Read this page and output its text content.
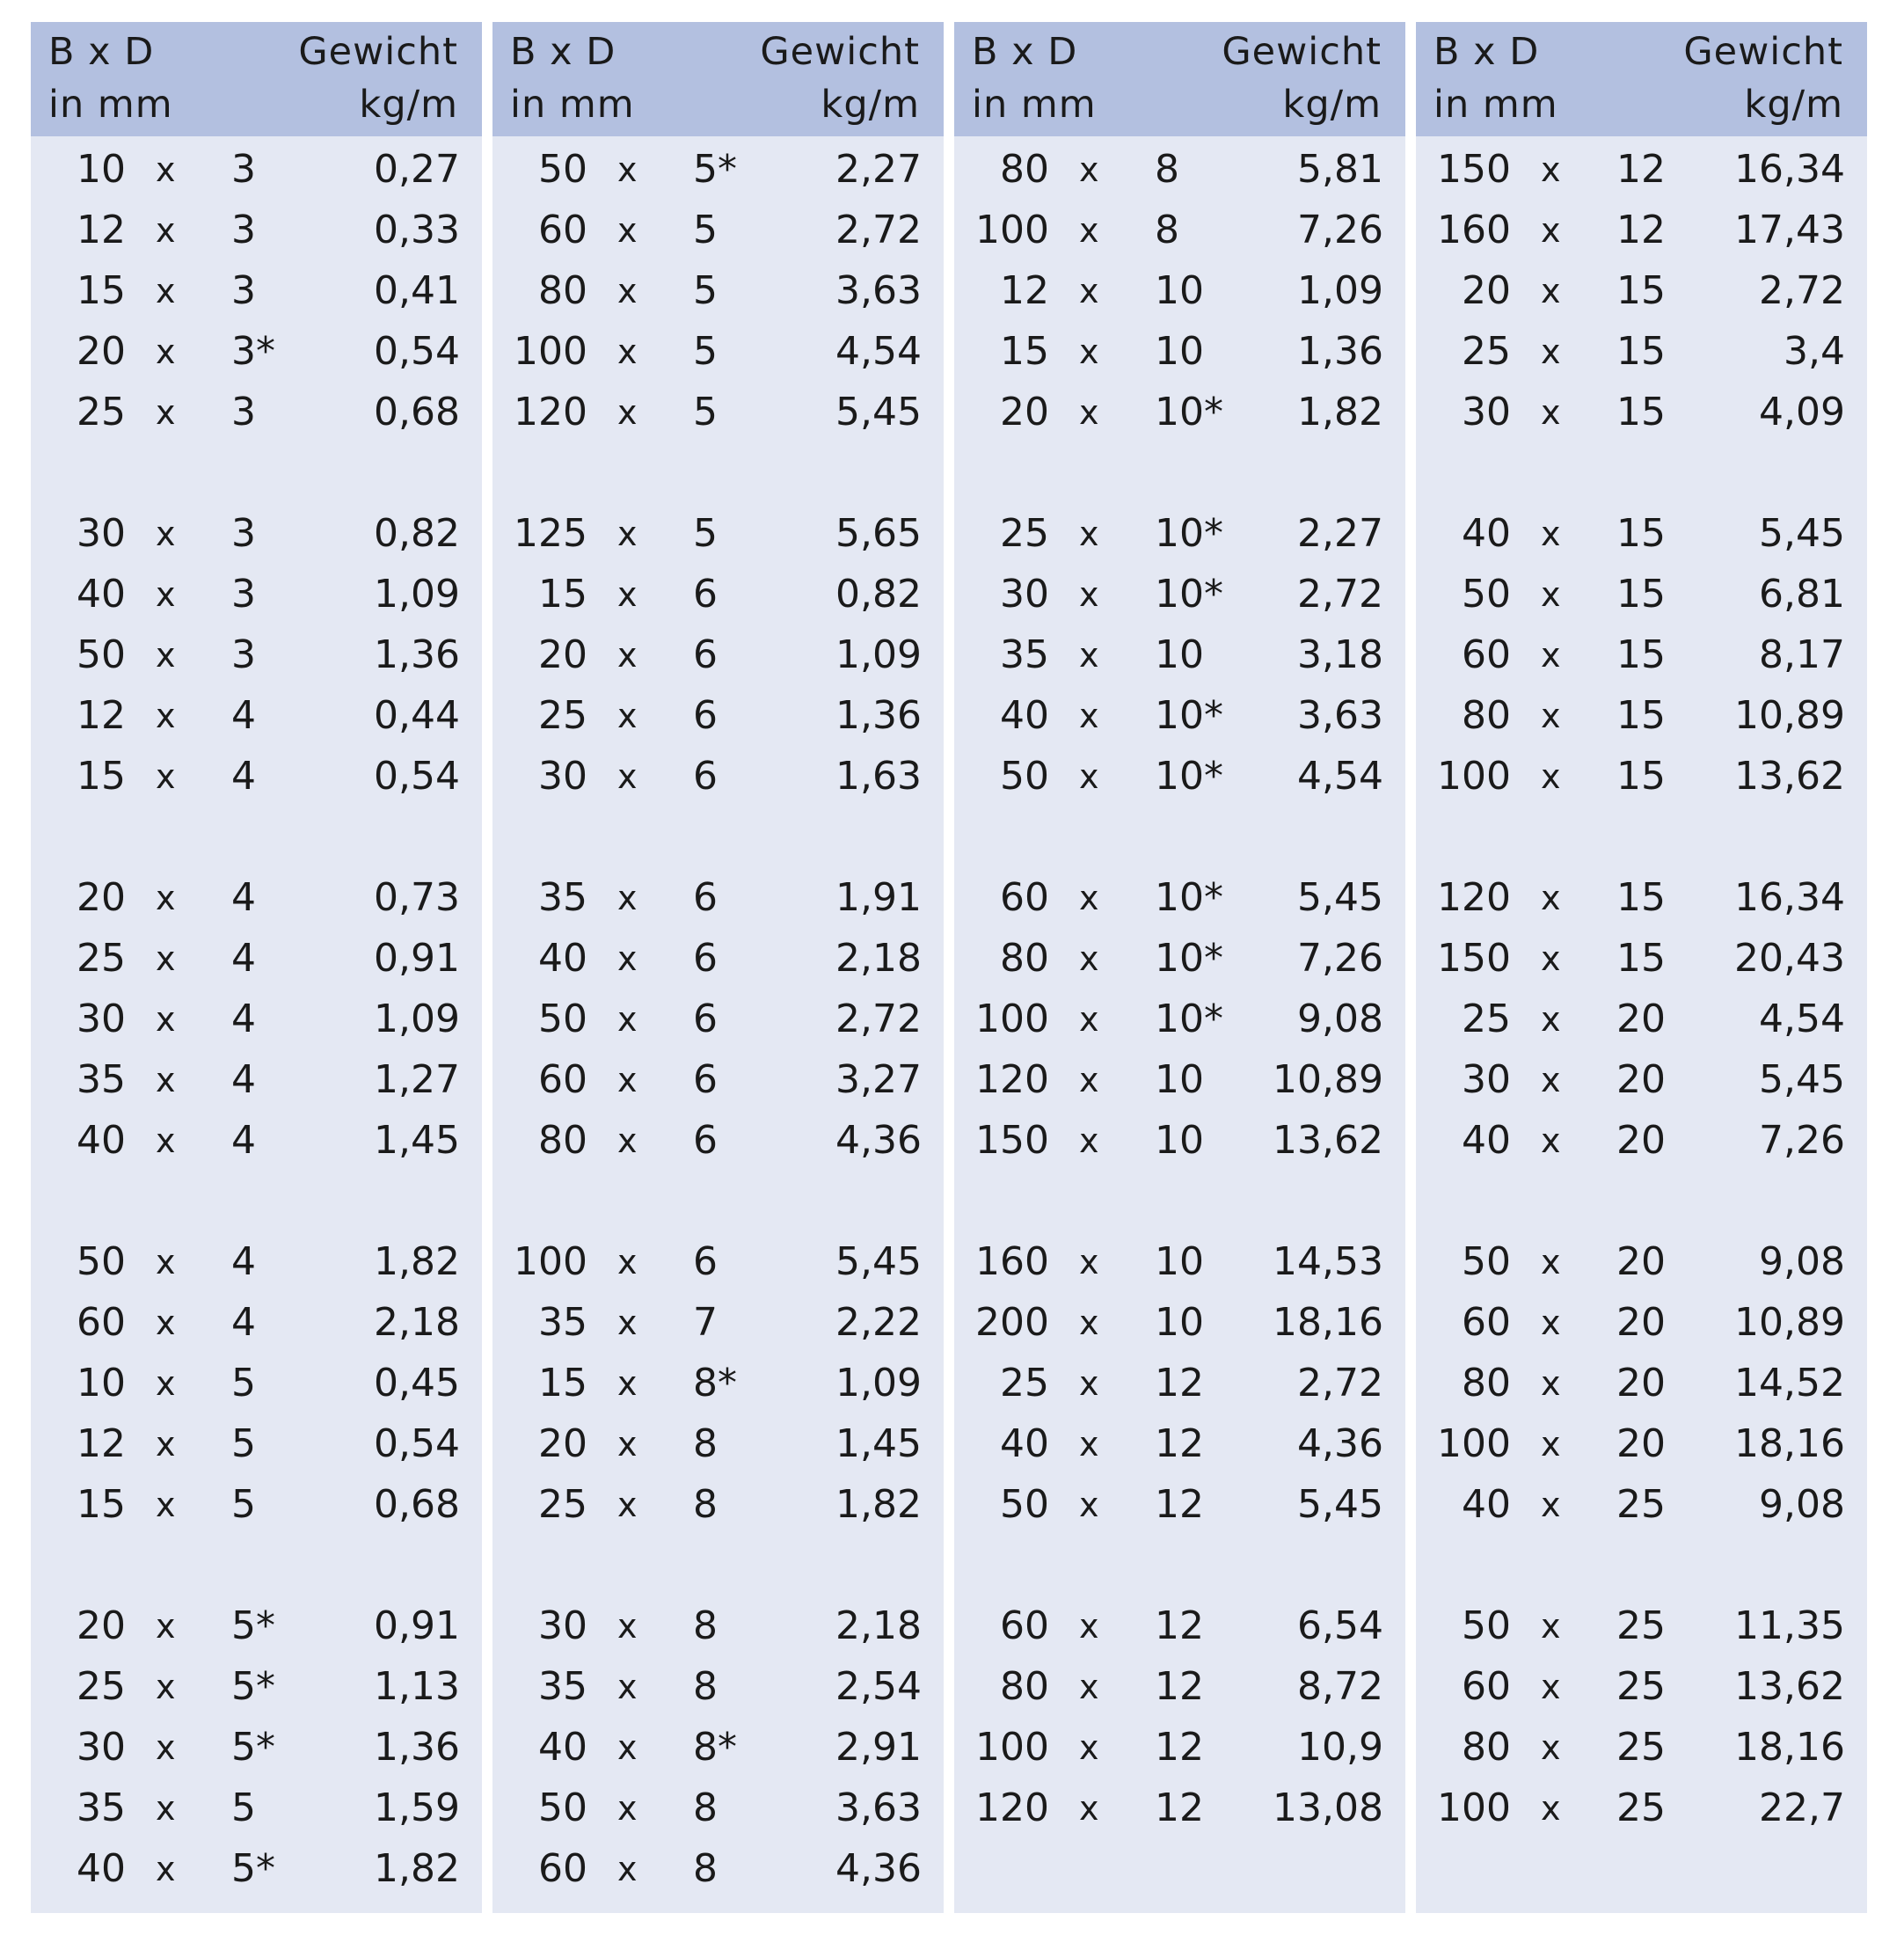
B x D
in mm
Gewicht
kg/m
10 x 3	0,27
12 x 3	0,33
15 x 3	0,41
20 x 3*	0,54
25 x 3	0,68
30 x 3	0,82
40 x 3	1,09
50 x 3	1,36
12 x 4	0,44
15 x 4	0,54
20 x 4	0,73
25 x 4	0,91
30 x 4	1,09
35 x 4	1,27
40 x 4	1,45
50 x 4	1,82
60 x 4	2,18
10 x 5	0,45
12 x 5	0,54
15 x 5	0,68
20 x 5*	0,91
25 x 5*	1,13
30 x 5*	1,36
35 x 5	1,59
40 x 5*	1,82
B x D
in mm
Gewicht
kg/m
50 x 5*	2,27
60 x 5	2,72
80 x 5	3,63
100 x 5	4,54
120 x 5	5,45
125 x 5	5,65
15 x 6	0,82
20 x 6	1,09
25 x 6	1,36
30 x 6	1,63
35 x 6	1,91
40 x 6	2,18
50 x 6	2,72
60 x 6	3,27
80 x 6	4,36
100 x 6	5,45
35 x 7	2,22
15 x 8*	1,09
20 x 8	1,45
25 x 8	1,82
30 x 8	2,18
35 x 8	2,54
40 x 8*	2,91
50 x 8	3,63
60 x 8	4,36
B x D
in mm
Gewicht
kg/m
80 x 8	5,81
100 x 8	7,26
12 x 10 1,09
15 x 10 1,36
20 x 10* 1,82
25 x 10* 2,27
30 x 10* 2,72
35 x 10 3,18
40 x 10* 3,63
50 x 10* 4,54
60 x 10* 5,45
80 x 10* 7,26
100 x 10* 9,08
120 x 10 10,89
150 x 10 13,62
160 x 10 14,53
200 x 10 18,16
25 x 12 2,72
40 x 12 4,36
50 x 12 5,45
60 x 12 6,54
80 x 12 8,72
100 x 12 10,9
120 x 12 13,08
B x D
in mm
Gewicht
kg/m
150 x 12 16,34
160 x 12 17,43
20 x 15 2,72
25 x 15	3,4
30 x 15 4,09
40 x 15 5,45
50 x 15 6,81
60 x 15 8,17
80 x 15 10,89
100 x 15 13,62
120 x 15 16,34
150 x 15 20,43
25 x 20 4,54
30 x 20 5,45
40 x 20 7,26
50 x 20 9,08
60 x 20 10,89
80 x 20 14,52
100 x 20 18,16
40 x 25 9,08
50 x 25 11,35
60 x 25 13,62
80 x 25 18,16
100 x 25 22,7
